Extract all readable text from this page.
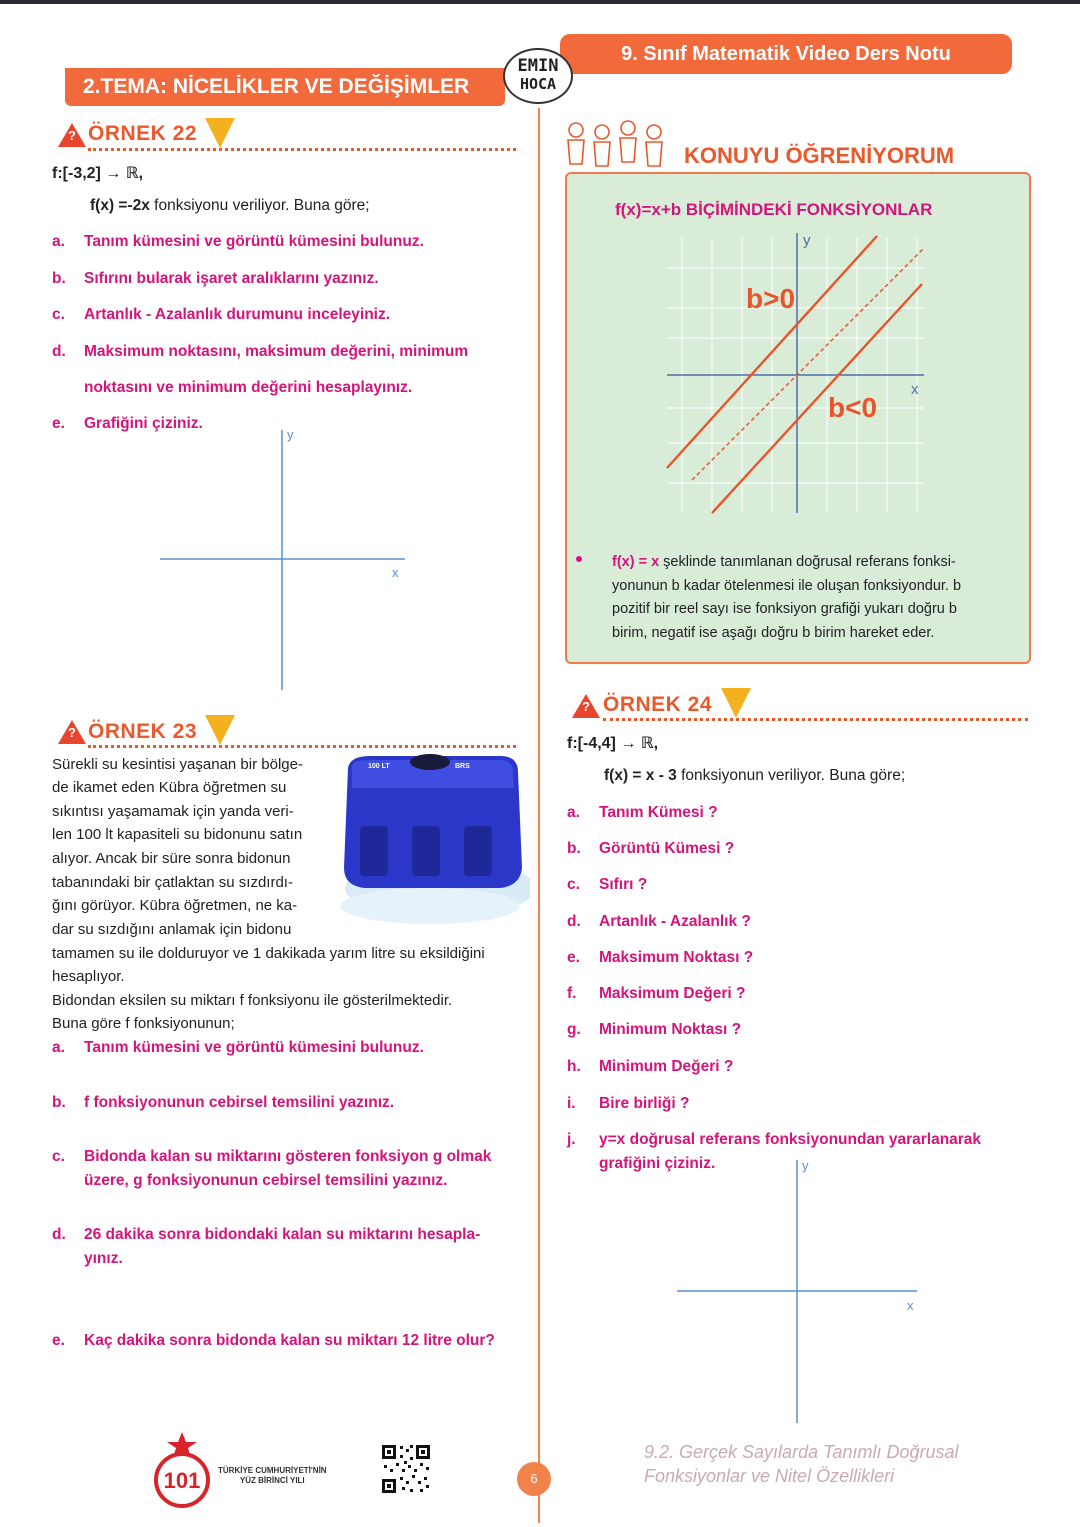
2.TEMA: NİCELİKLER VE DEĞİŞİMLER
9. Sınıf Matematik Video Ders Notu
EMIN
HOCA
? ÖRNEK 22
f:[-3,2] → ℝ,
f(x) =-2x fonksiyonu veriliyor. Buna göre;
a. Tanım kümesini ve görüntü kümesini bulunuz.
b. Sıfırını bularak işaret aralıklarını yazınız.
c. Artanlık - Azalanlık durumunu inceleyiniz.
d. Maksimum noktasını, maksimum değerini, minimum
noktasını ve minimum değerini hesaplayınız.
e. Grafiğini çiziniz.
y
x
? ÖRNEK 23
100 LT	BRS
Sürekli su kesintisi yaşanan bir bölge-
de ikamet eden Kübra öğretmen su
sıkıntısı yaşamamak için yanda veri-
len 100 lt kapasiteli su bidonunu satın
alıyor. Ancak bir süre sonra bidonun
tabanındaki bir çatlaktan su sızdırdı-
ğını görüyor. Kübra öğretmen, ne ka-
dar su sızdığını anlamak için bidonu
tamamen su ile dolduruyor ve 1 dakikada yarım litre su eksildiğini
hesaplıyor.
Bidondan eksilen su miktarı f fonksiyonu ile gösterilmektedir.
Buna göre f fonksiyonunun;
a. Tanım kümesini ve görüntü kümesini bulunuz.
b. f fonksiyonunun cebirsel temsilini yazınız.
c. Bidonda kalan su miktarını gösteren fonksiyon g olmak
üzere, g fonksiyonunun cebirsel temsilini yazınız.
d. 26 dakika sonra bidondaki kalan su miktarını hesapla-
yınız.
e. Kaç dakika sonra bidonda kalan su miktarı 12 litre olur?
KONUYU ÖĞRENİYORUM
f(x)=x+b BİÇİMİNDEKİ FONKSİYONLAR
y
x
b>0
b<0
f(x) = x şeklinde tanımlanan doğrusal referans fonksi-
yonunun b kadar ötelenmesi ile oluşan fonksiyondur. b
pozitif bir reel sayı ise fonksiyon grafiği yukarı doğru b
birim, negatif ise aşağı doğru b birim hareket eder.
? ÖRNEK 24
f:[-4,4] → ℝ,
f(x) = x - 3 fonksiyonun veriliyor. Buna göre;
a. Tanım Kümesi ?
b. Görüntü Kümesi ?
c. Sıfırı ?
d. Artanlık - Azalanlık ?
e. Maksimum Noktası ?
f. Maksimum Değeri ?
g. Minimum Noktası ?
h. Minimum Değeri ?
i. Bire birliği ?
j. y=x doğrusal referans fonksiyonundan yararlanarak
grafiğini çiziniz.	y
x
101 TÜRKİYE CUMHURİYETİ'NİN
YÜZ BİRİNCİ YILI	6
9.2. Gerçek Sayılarda Tanımlı Doğrusal
Fonksiyonlar ve Nitel Özellikleri
